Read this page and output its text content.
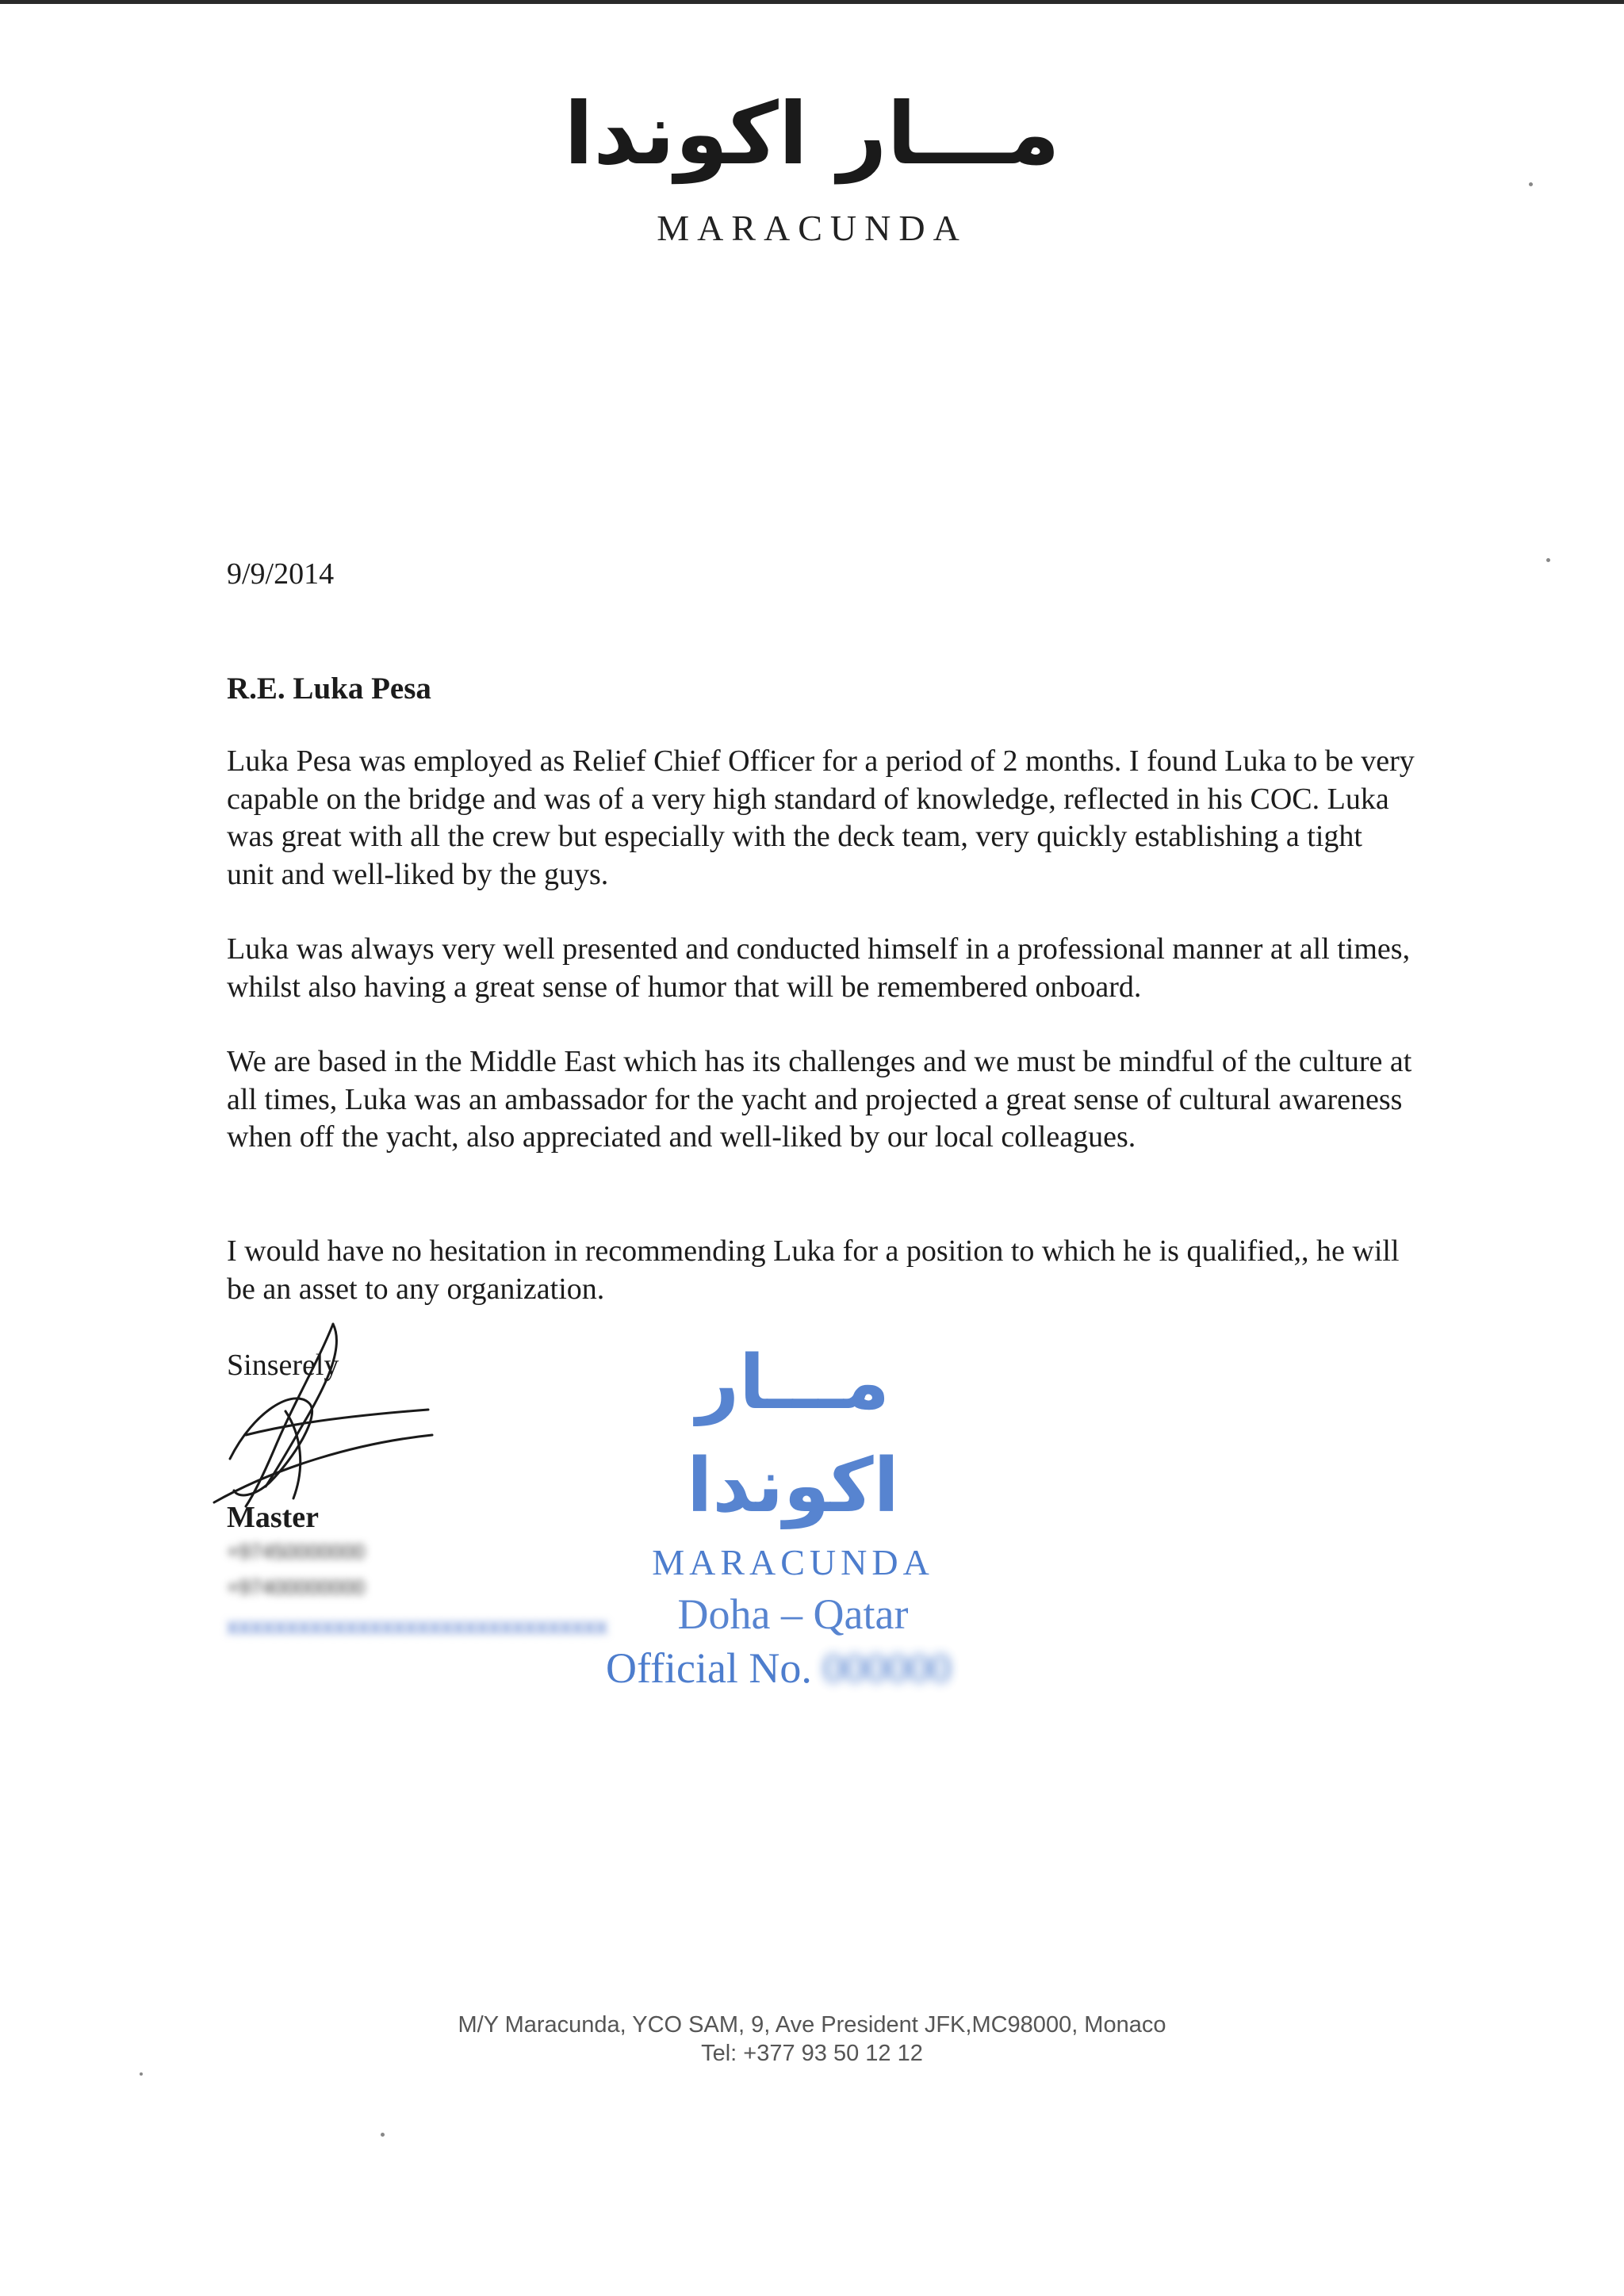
مـــار اكوندا
MARACUNDA
9/9/2014
R.E. Luka Pesa

Luka Pesa was employed as Relief Chief Officer for a period of 2 months. I found Luka to be very capable on the bridge and was of a very high standard of knowledge, reflected in his COC. Luka was great with all the crew but especially with the deck team, very quickly establishing a tight unit and well-liked by the guys.

Luka was always very well presented and conducted himself in a professional manner at all times, whilst also having a great sense of humor that will be remembered onboard.

We are based in the Middle East which has its challenges and we must be mindful of the culture at all times, Luka was an ambassador for the yacht and projected a great sense of cultural awareness when off the yacht, also appreciated and well-liked by our local colleagues.

I would have no hesitation in recommending Luka for a position to which he is qualified,, he will be an asset to any organization.

Sinserely
Master
+97450000000
+97400000000
xxxxxxxxxxxxxxxxxxxxxxxxxxxxxxxx
مـــار اكوندا
MARACUNDA
Doha – Qatar
Official No. 000000
M/Y Maracunda, YCO SAM, 9, Ave President JFK,MC98000, Monaco
Tel: +377 93 50 12 12
